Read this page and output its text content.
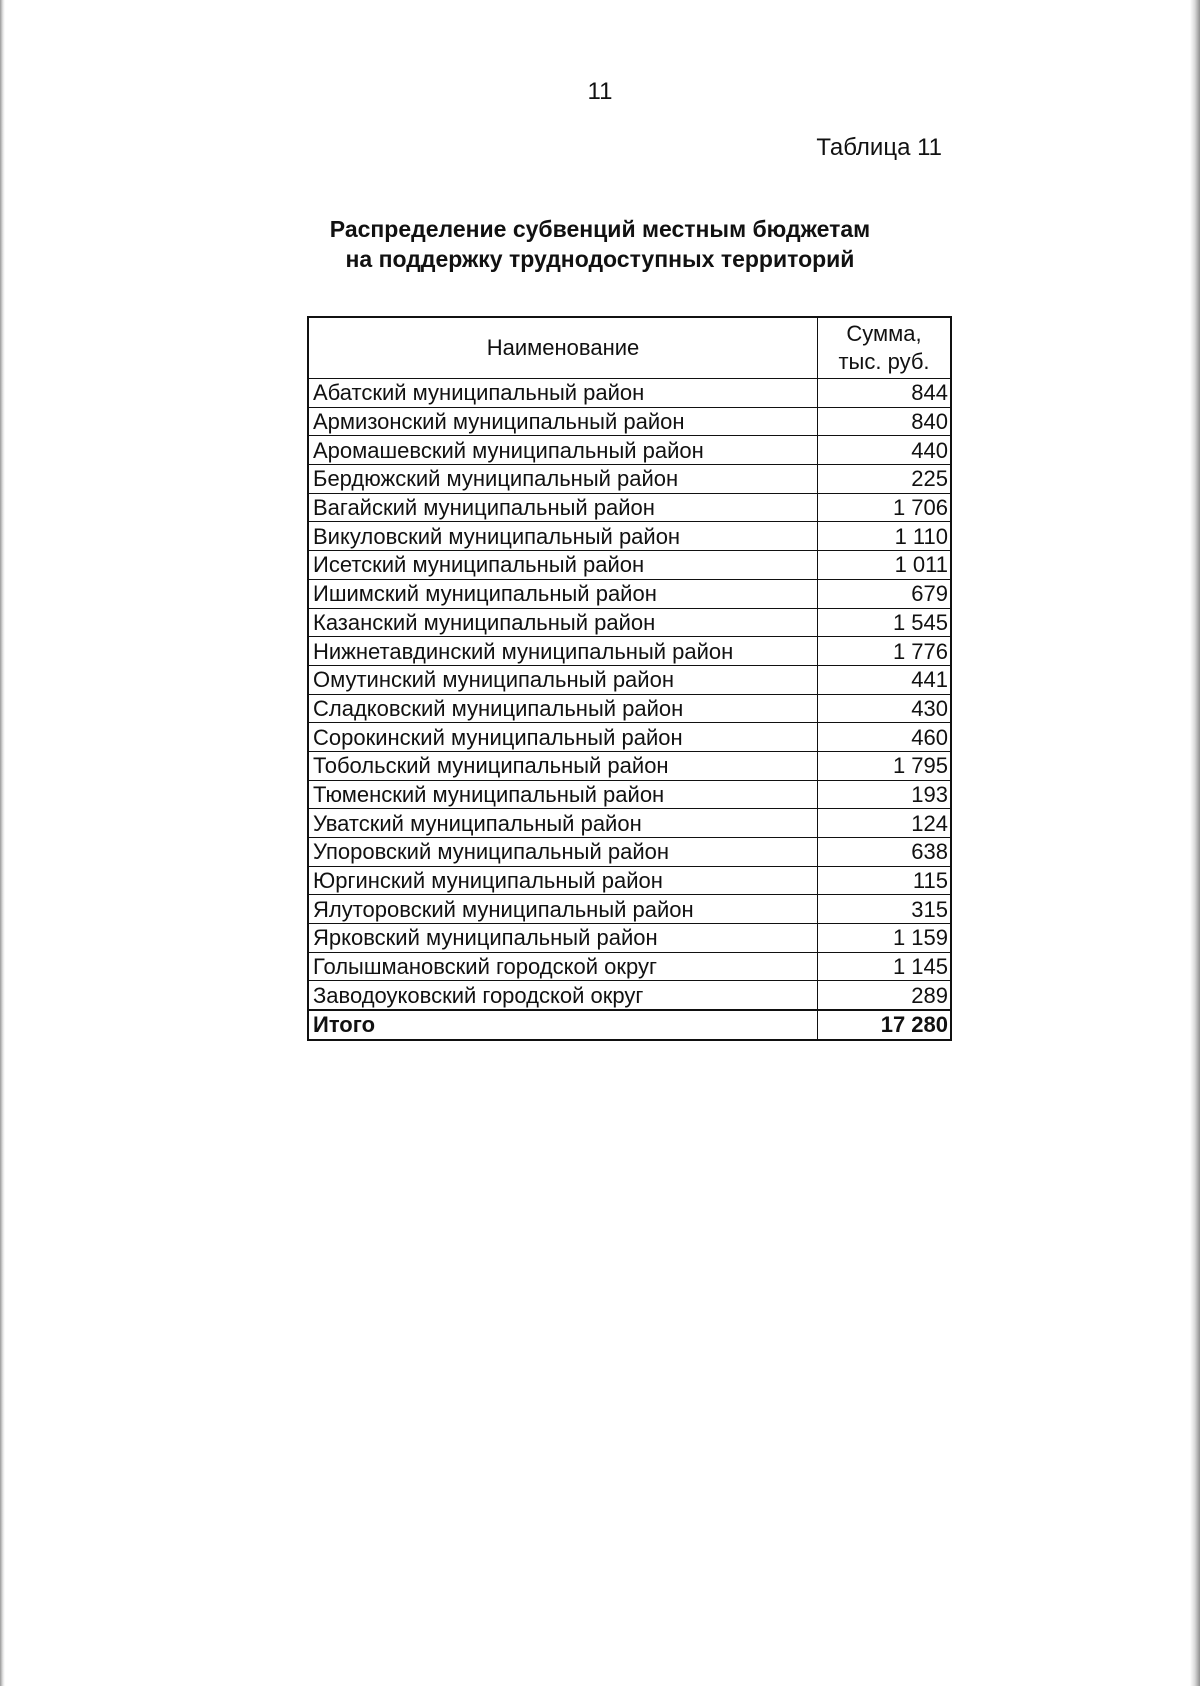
11
Таблица 11
Распределение субвенций местным бюджетам
на поддержку труднодоступных территорий
Наименование	Сумма,
тыс. руб.

Абатский муниципальный район	844
Армизонский муниципальный район	840
Аромашевский муниципальный район	440
Бердюжский муниципальный район	225
Вагайский муниципальный район	1 706
Викуловский муниципальный район	1 110
Исетский муниципальный район	1 011
Ишимский муниципальный район	679
Казанский муниципальный район	1 545
Нижнетавдинский муниципальный район	1 776
Омутинский муниципальный район	441
Сладковский муниципальный район	430
Сорокинский муниципальный район	460
Тобольский муниципальный район	1 795
Тюменский муниципальный район	193
Уватский муниципальный район	124
Упоровский муниципальный район	638
Юргинский муниципальный район	115
Ялуторовский муниципальный район	315
Ярковский муниципальный район	1 159
Голышмановский городской округ	1 145
Заводоуковский городской округ	289
Итого	17 280
